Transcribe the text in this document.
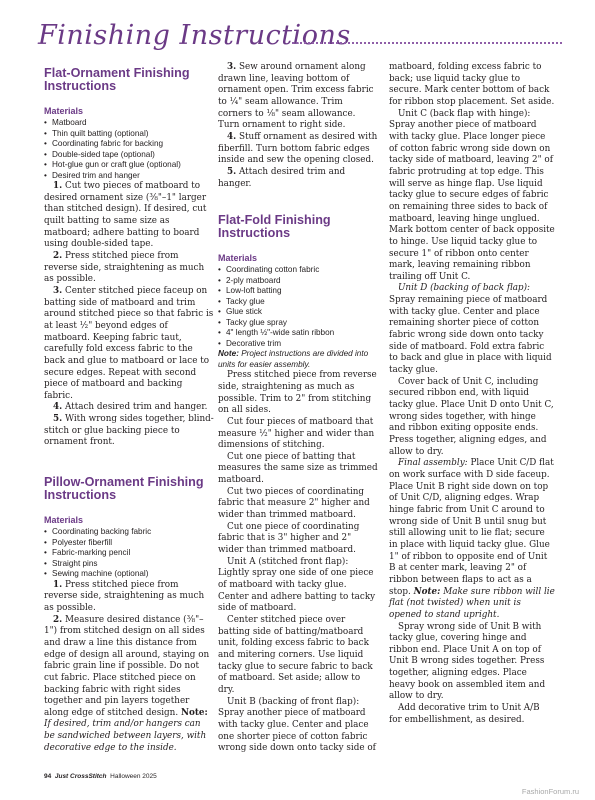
Finishing Instructions
Flat-Ornament Finishing
Instructions
Materials
• Matboard
• Thin quilt batting (optional)
• Coordinating fabric for backing
• Double-sided tape (optional)
• Hot-glue gun or craft glue (optional)
• Desired trim and hanger

1. Cut two pieces of matboard to desired ornament size (⅜"–1" larger than stitched design). If desired, cut quilt batting to same size as matboard; adhere batting to board using double-sided tape.

2. Press stitched piece from reverse side, straightening as much as possible.

3. Center stitched piece faceup on batting side of matboard and trim around stitched piece so that fabric is at least ½" beyond edges of matboard. Keeping fabric taut, carefully fold excess fabric to the back and glue to matboard or lace to secure edges. Repeat with second piece of matboard and backing fabric.

4. Attach desired trim and hanger.

5. With wrong sides together, blind-stitch or glue backing piece to ornament front.

Pillow-Ornament Finishing
Instructions
Materials
• Coordinating backing fabric
• Polyester fiberfill
• Fabric-marking pencil
• Straight pins
• Sewing machine (optional)

1. Press stitched piece from reverse side, straightening as much as possible.

2. Measure desired distance (⅜"–1") from stitched design on all sides and draw a line this distance from edge of design all around, staying on fabric grain line if possible. Do not cut fabric. Place stitched piece on backing fabric with right sides together and pin layers together along edge of stitched design. Note: If desired, trim and/or hangers can be sandwiched between layers, with decorative edge to the inside.

3. Sew around ornament along drawn line, leaving bottom of ornament open. Trim excess fabric to ¼" seam allowance. Trim corners to ⅛" seam allowance. Turn ornament to right side.

4. Stuff ornament as desired with fiberfill. Turn bottom fabric edges inside and sew the opening closed.

5. Attach desired trim and hanger.

Flat-Fold Finishing
Instructions
Materials
• Coordinating cotton fabric
• 2-ply matboard
• Low-loft batting
• Tacky glue
• Glue stick
• Tacky glue spray
• 4" length ½"-wide satin ribbon
• Decorative trim
Note: Project instructions are divided into units for easier assembly.

Press stitched piece from reverse side, straightening as much as possible. Trim to 2" from stitching on all sides.

Cut four pieces of matboard that measure ½" higher and wider than dimensions of stitching.

Cut one piece of batting that measures the same size as trimmed matboard.

Cut two pieces of coordinating fabric that measure 2" higher and wider than trimmed matboard.

Cut one piece of coordinating fabric that is 3" higher and 2" wider than trimmed matboard.

Unit A (stitched front flap): Lightly spray one side of one piece of matboard with tacky glue. Center and adhere batting to tacky side of matboard.

Center stitched piece over batting side of batting/matboard unit, folding excess fabric to back and mitering corners. Use liquid tacky glue to secure fabric to back of matboard. Set aside; allow to dry.

Unit B (backing of front flap): Spray another piece of matboard with tacky glue. Center and place one shorter piece of cotton fabric wrong side down onto tacky side of

matboard, folding excess fabric to back; use liquid tacky glue to secure. Mark center bottom of back for ribbon stop placement. Set aside.

Unit C (back flap with hinge): Spray another piece of matboard with tacky glue. Place longer piece of cotton fabric wrong side down on tacky side of matboard, leaving 2" of fabric protruding at top edge. This will serve as hinge flap. Use liquid tacky glue to secure edges of fabric on remaining three sides to back of matboard, leaving hinge unglued. Mark bottom center of back opposite to hinge. Use liquid tacky glue to secure 1" of ribbon onto center mark, leaving remaining ribbon trailing off Unit C.

Unit D (backing of back flap): Spray remaining piece of matboard with tacky glue. Center and place remaining shorter piece of cotton fabric wrong side down onto tacky side of matboard. Fold extra fabric to back and glue in place with liquid tacky glue.

Cover back of Unit C, including secured ribbon end, with liquid tacky glue. Place Unit D onto Unit C, wrong sides together, with hinge and ribbon exiting opposite ends. Press together, aligning edges, and allow to dry.

Final assembly: Place Unit C/D flat on work surface with D side faceup. Place Unit B right side down on top of Unit C/D, aligning edges. Wrap hinge fabric from Unit C around to wrong side of Unit B until snug but still allowing unit to lie flat; secure in place with liquid tacky glue. Glue 1" of ribbon to opposite end of Unit B at center mark, leaving 2" of ribbon between flaps to act as a stop. Note: Make sure ribbon will lie flat (not twisted) when unit is opened to stand upright.

Spray wrong side of Unit B with tacky glue, covering hinge and ribbon end. Place Unit A on top of Unit B wrong sides together. Press together, aligning edges. Place heavy book on assembled item and allow to dry.

Add decorative trim to Unit A/B for embellishment, as desired.

94 Just CrossStitch Halloween 2025
FashionForum.ru
